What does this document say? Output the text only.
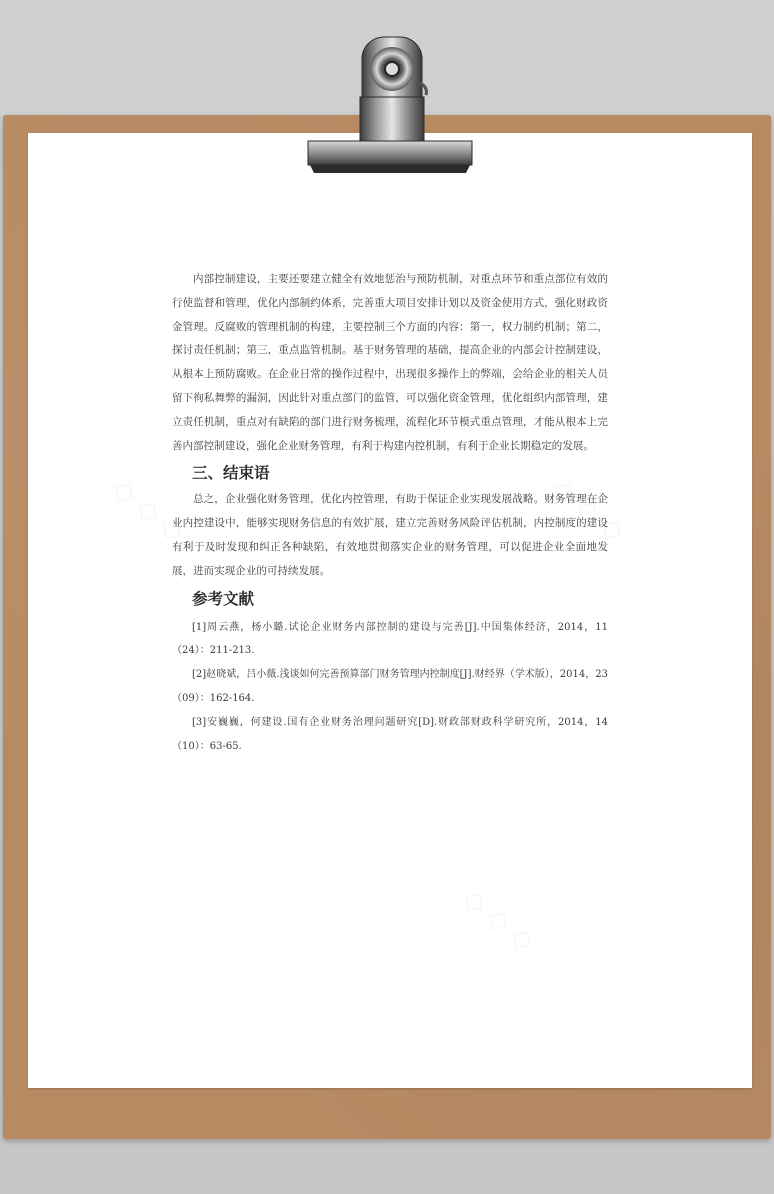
◇ ◇ ◇	◇ ◇ ◇
◇ ◇ ◇

内部控制建设，主要还要建立健全有效地惩治与预防机制，对重点环节和重点部位有效的行使监督和管理，优化内部制约体系，完善重大项目安排计划以及资金使用方式，强化财政资金管理。反腐败的管理机制的构建，主要控制三个方面的内容：第一，权力制约机制；第二，探讨责任机制；第三，重点监管机制。基于财务管理的基础，提高企业的内部会计控制建设，从根本上预防腐败。在企业日常的操作过程中，出现很多操作上的弊端，会给企业的相关人员留下徇私舞弊的漏洞，因此针对重点部门的监管，可以强化资金管理，优化组织内部管理，建立责任机制，重点对有缺陷的部门进行财务梳理，流程化环节模式重点管理，才能从根本上完善内部控制建设，强化企业财务管理，有利于构建内控机制，有利于企业长期稳定的发展。

三、结束语

总之，企业强化财务管理，优化内控管理，有助于保证企业实现发展战略。财务管理在企业内控建设中，能够实现财务信息的有效扩展，建立完善财务风险评估机制，内控制度的建设有利于及时发现和纠正各种缺陷，有效地贯彻落实企业的财务管理，可以促进企业全面地发展，进而实现企业的可持续发展。

参考文献
[1]周云燕，杨小璐.试论企业财务内部控制的建设与完善[J].中国集体经济，2014，11（24）：211-213.
[2]赵晓斌，吕小薇.浅谈如何完善预算部门财务管理内控制度[J].财经界（学术版），2014，23（09）：162-164.
[3]安巍巍，何建设.国有企业财务治理问题研究[D].财政部财政科学研究所，2014，14（10）：63-65.
